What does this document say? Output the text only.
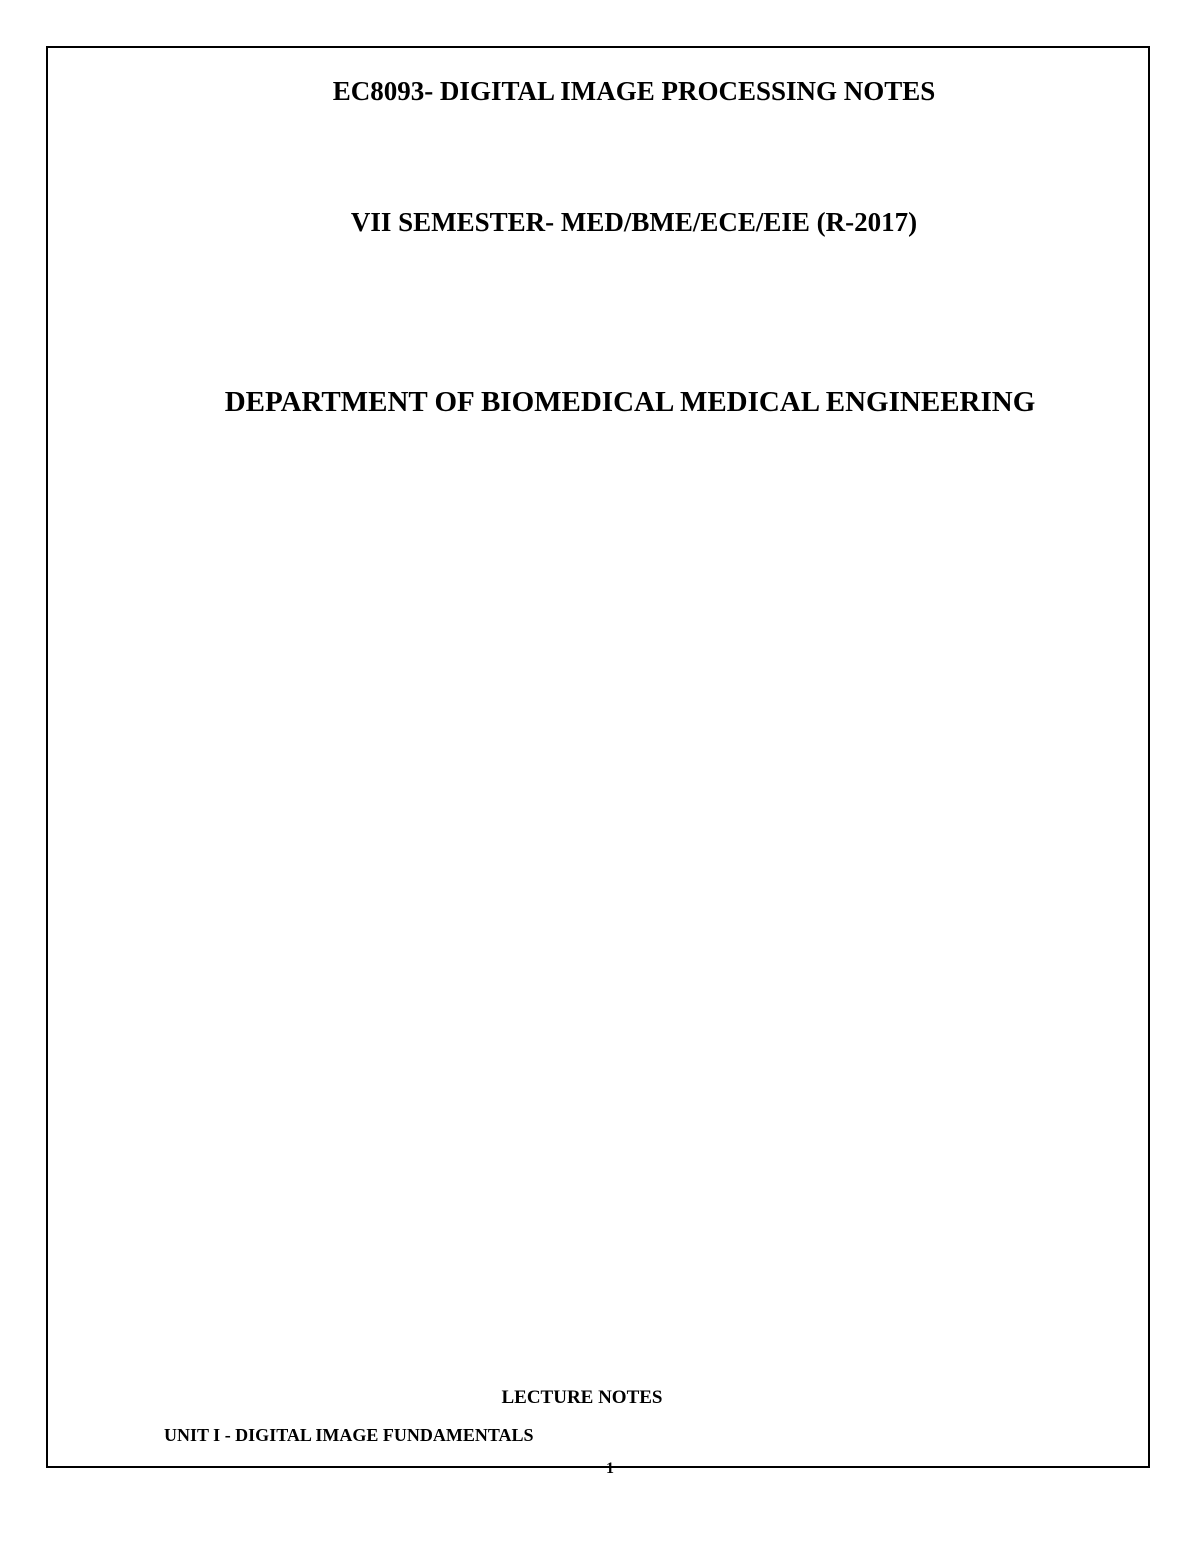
EC8093- DIGITAL IMAGE PROCESSING NOTES
VII SEMESTER- MED/BME/ECE/EIE (R-2017)
DEPARTMENT OF BIOMEDICAL MEDICAL ENGINEERING
LECTURE NOTES
UNIT I - DIGITAL IMAGE FUNDAMENTALS
1
